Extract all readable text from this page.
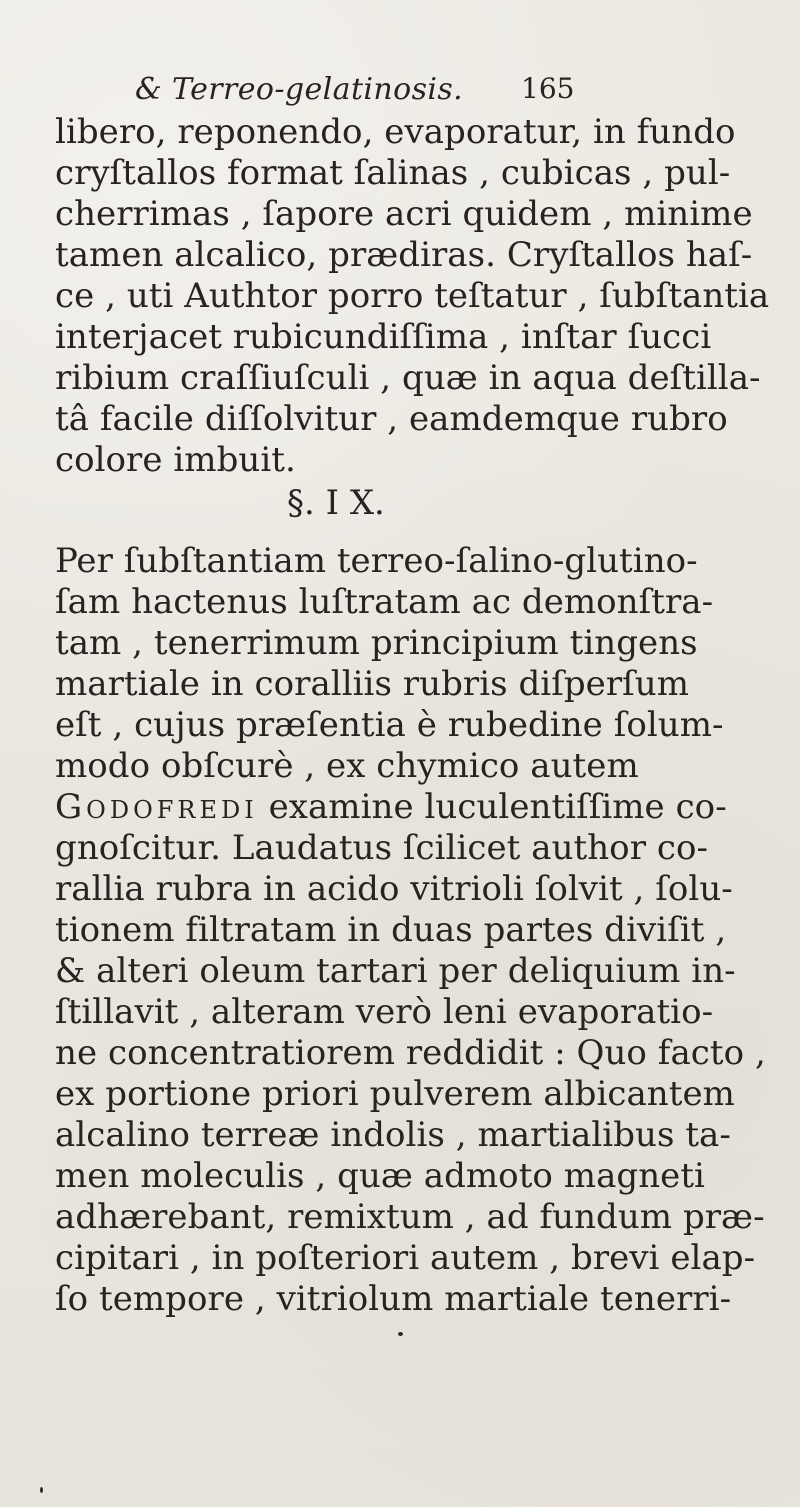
& Terreo-gelatinosis. 165
libero, reponendo, evaporatur, in fundo
cryſtallos format ſalinas , cubicas , pul-
cherrimas , ſapore acri quidem , minime
tamen alcalico, prædiras. Cryſtallos haſ-
ce , uti Authtor porro teſtatur , ſubſtantia
interjacet rubicundiſſima , inſtar ſucci
ribium craſſiuſculi , quæ in aqua deſtilla-
tâ facile diſſolvitur , eamdemque rubro
colore imbuit.
§. I X.
Per ſubſtantiam terreo-ſalino-glutino-
ſam hactenus luſtratam ac demonſtra-
tam , tenerrimum principium tingens
martiale in coralliis rubris diſperſum
eſt , cujus præſentia è rubedine ſolum-
modo obſcurè , ex chymico autem
Godofredi examine luculentiſſime co-
gnoſcitur. Laudatus ſcilicet author co-
rallia rubra in acido vitrioli ſolvit , ſolu-
tionem filtratam in duas partes diviſit ,
& alteri oleum tartari per deliquium in-
ſtillavit , alteram verò leni evaporatio-
ne concentratiorem reddidit : Quo facto ,
ex portione priori pulverem albicantem
alcalino terreæ indolis , martialibus ta-
men moleculis , quæ admoto magneti
adhærebant, remixtum , ad fundum præ-
cipitari , in poſteriori autem , brevi elap-
ſo tempore , vitriolum martiale tenerri-
